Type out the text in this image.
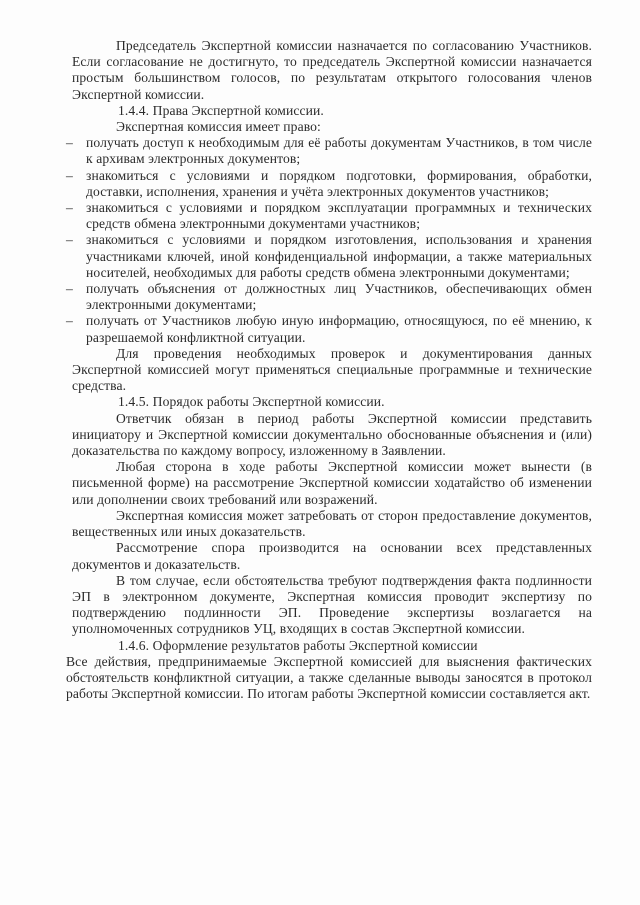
Председатель Экспертной комиссии назначается по согласованию Участников. Если согласование не достигнуто, то председатель Экспертной комиссии назначается простым большинством голосов, по результатам открытого голосования членов Экспертной комиссии.

1.4.4. Права Экспертной комиссии.

Экспертная комиссия имеет право:

– получать доступ к необходимым для её работы документам Участников, в том числе к архивам электронных документов;
– знакомиться с условиями и порядком подготовки, формирования, обработки, доставки, исполнения, хранения и учёта электронных документов участников;
– знакомиться с условиями и порядком эксплуатации программных и технических средств обмена электронными документами участников;
– знакомиться с условиями и порядком изготовления, использования и хранения участниками ключей, иной конфиденциальной информации, а также материальных носителей, необходимых для работы средств обмена электронными документами;
– получать объяснения от должностных лиц Участников, обеспечивающих обмен электронными документами;
– получать от Участников любую иную информацию, относящуюся, по её мнению, к разрешаемой конфликтной ситуации.

Для проведения необходимых проверок и документирования данных Экспертной комиссией могут применяться специальные программные и технические средства.

1.4.5. Порядок работы Экспертной комиссии.

Ответчик обязан в период работы Экспертной комиссии представить инициатору и Экспертной комиссии документально обоснованные объяснения и (или) доказательства по каждому вопросу, изложенному в Заявлении.

Любая сторона в ходе работы Экспертной комиссии может вынести (в письменной форме) на рассмотрение Экспертной комиссии ходатайство об изменении или дополнении своих требований или возражений.

Экспертная комиссия может затребовать от сторон предоставление документов, вещественных или иных доказательств.

Рассмотрение спора производится на основании всех представленных документов и доказательств.

В том случае, если обстоятельства требуют подтверждения факта подлинности ЭП в электронном документе, Экспертная комиссия проводит экспертизу по подтверждению подлинности ЭП. Проведение экспертизы возлагается на уполномоченных сотрудников УЦ, входящих в состав Экспертной комиссии.

1.4.6. Оформление результатов работы Экспертной комиссии

Все действия, предпринимаемые Экспертной комиссией для выяснения фактических обстоятельств конфликтной ситуации, а также сделанные выводы заносятся в протокол работы Экспертной комиссии. По итогам работы Экспертной комиссии составляется акт.
